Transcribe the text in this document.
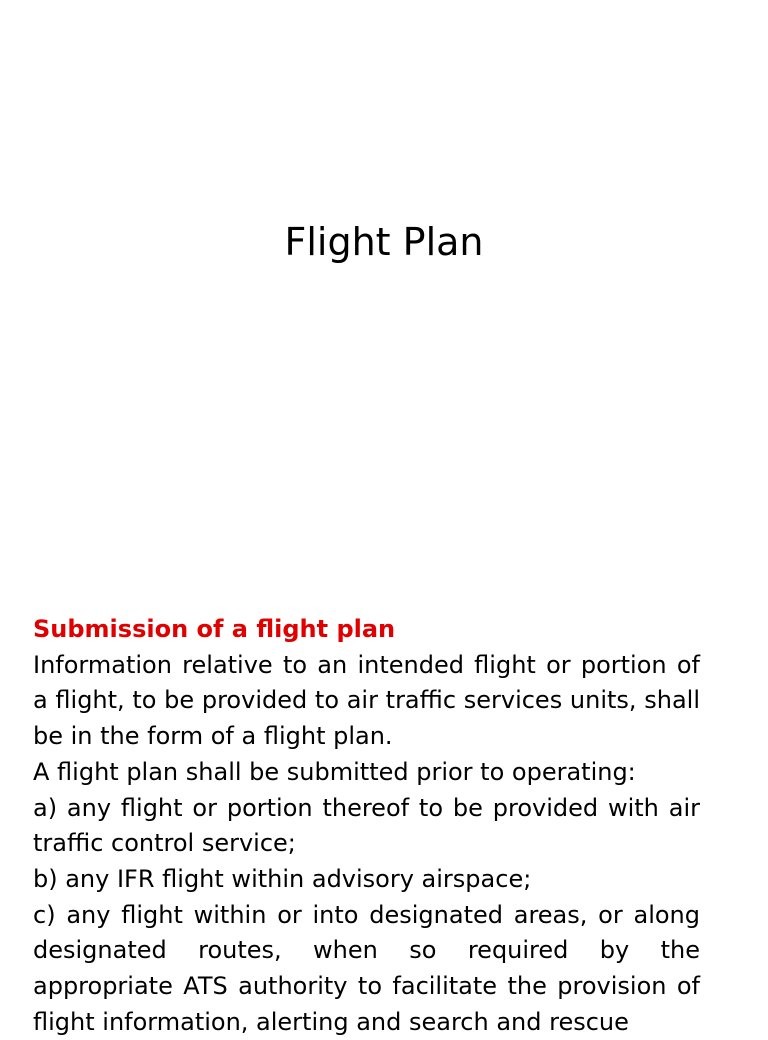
Flight Plan

Submission of a flight plan

Information relative to an intended flight or portion of a flight, to be provided to air traffic services units, shall be in the form of a flight plan.

A flight plan shall be submitted prior to operating:

a) any flight or portion thereof to be provided with air traffic control service;

b) any IFR flight within advisory airspace;

c) any flight within or into designated areas, or along designated routes, when so required by the appropriate ATS authority to facilitate the provision of flight information, alerting and search and rescue
